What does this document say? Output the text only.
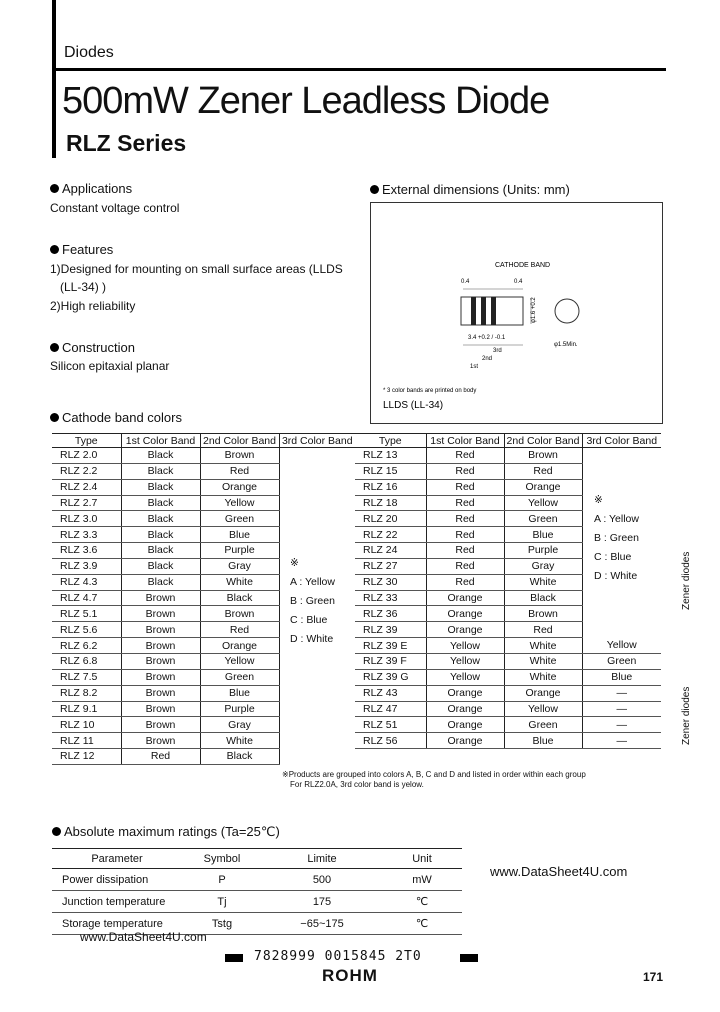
Diodes
500mW Zener Leadless Diode
RLZ Series
Applications
Constant voltage control
Features
1)Designed for mounting on small surface areas (LLDS
(LL-34) )
2)High reliability
Construction
Silicon epitaxial planar
External dimensions (Units: mm)
CATHODE BAND
0.4	0.4
φ1.6 +0.2
3.4 +0.2 / -0.1
φ1.5Min.
1st
2nd
3rd
* 3 color bands are printed on body
LLDS (LL-34)
Cathode band colors
Type	1st Color Band	2nd Color Band	3rd Color Band
RLZ 2.0	Black	Brown	
RLZ 2.2	Black	Red	
RLZ 2.4	Black	Orange	
RLZ 2.7	Black	Yellow	
RLZ 3.0	Black	Green	
RLZ 3.3	Black	Blue	
RLZ 3.6	Black	Purple	
RLZ 3.9	Black	Gray	
RLZ 4.3	Black	White	
RLZ 4.7	Brown	Black	
RLZ 5.1	Brown	Brown	
RLZ 5.6	Brown	Red	
RLZ 6.2	Brown	Orange	
RLZ 6.8	Brown	Yellow	
RLZ 7.5	Brown	Green	
RLZ 8.2	Brown	Blue	
RLZ 9.1	Brown	Purple	
RLZ 10	Brown	Gray	
RLZ 11	Brown	White	
RLZ 12	Red	Black	
Type	1st Color Band	2nd Color Band	3rd Color Band
RLZ 13	Red	Brown	
RLZ 15	Red	Red	
RLZ 16	Red	Orange	
RLZ 18	Red	Yellow	
RLZ 20	Red	Green	
RLZ 22	Red	Blue	
RLZ 24	Red	Purple	
RLZ 27	Red	Gray	
RLZ 30	Red	White	
RLZ 33	Orange	Black	
RLZ 36	Orange	Brown	
RLZ 39	Orange	Red	
RLZ 39 E	Yellow	White	Yellow
RLZ 39 F	Yellow	White	Green
RLZ 39 G	Yellow	White	Blue
RLZ 43	Orange	Orange	—
RLZ 47	Orange	Yellow	—
RLZ 51	Orange	Green	—
RLZ 56	Orange	Blue	—
※
A : Yellow
B : Green
C : Blue
D : White
※
A : Yellow
B : Green
C : Blue
D : White
※Products are grouped into colors A, B, C and D and listed in order within each group
For RLZ2.0A, 3rd color band is yelow.
Zener diodes
Zener diodes
Absolute maximum ratings (Ta=25℃)
Parameter	Symbol	Limite	Unit
Power dissipation	P	500	mW
Junction temperature	Tj	175	℃
Storage temperature	Tstg	−65~175	℃
www.DataSheet4U.com
www.DataSheet4U.com
7828999 0015845 2T0
ROHM	171
